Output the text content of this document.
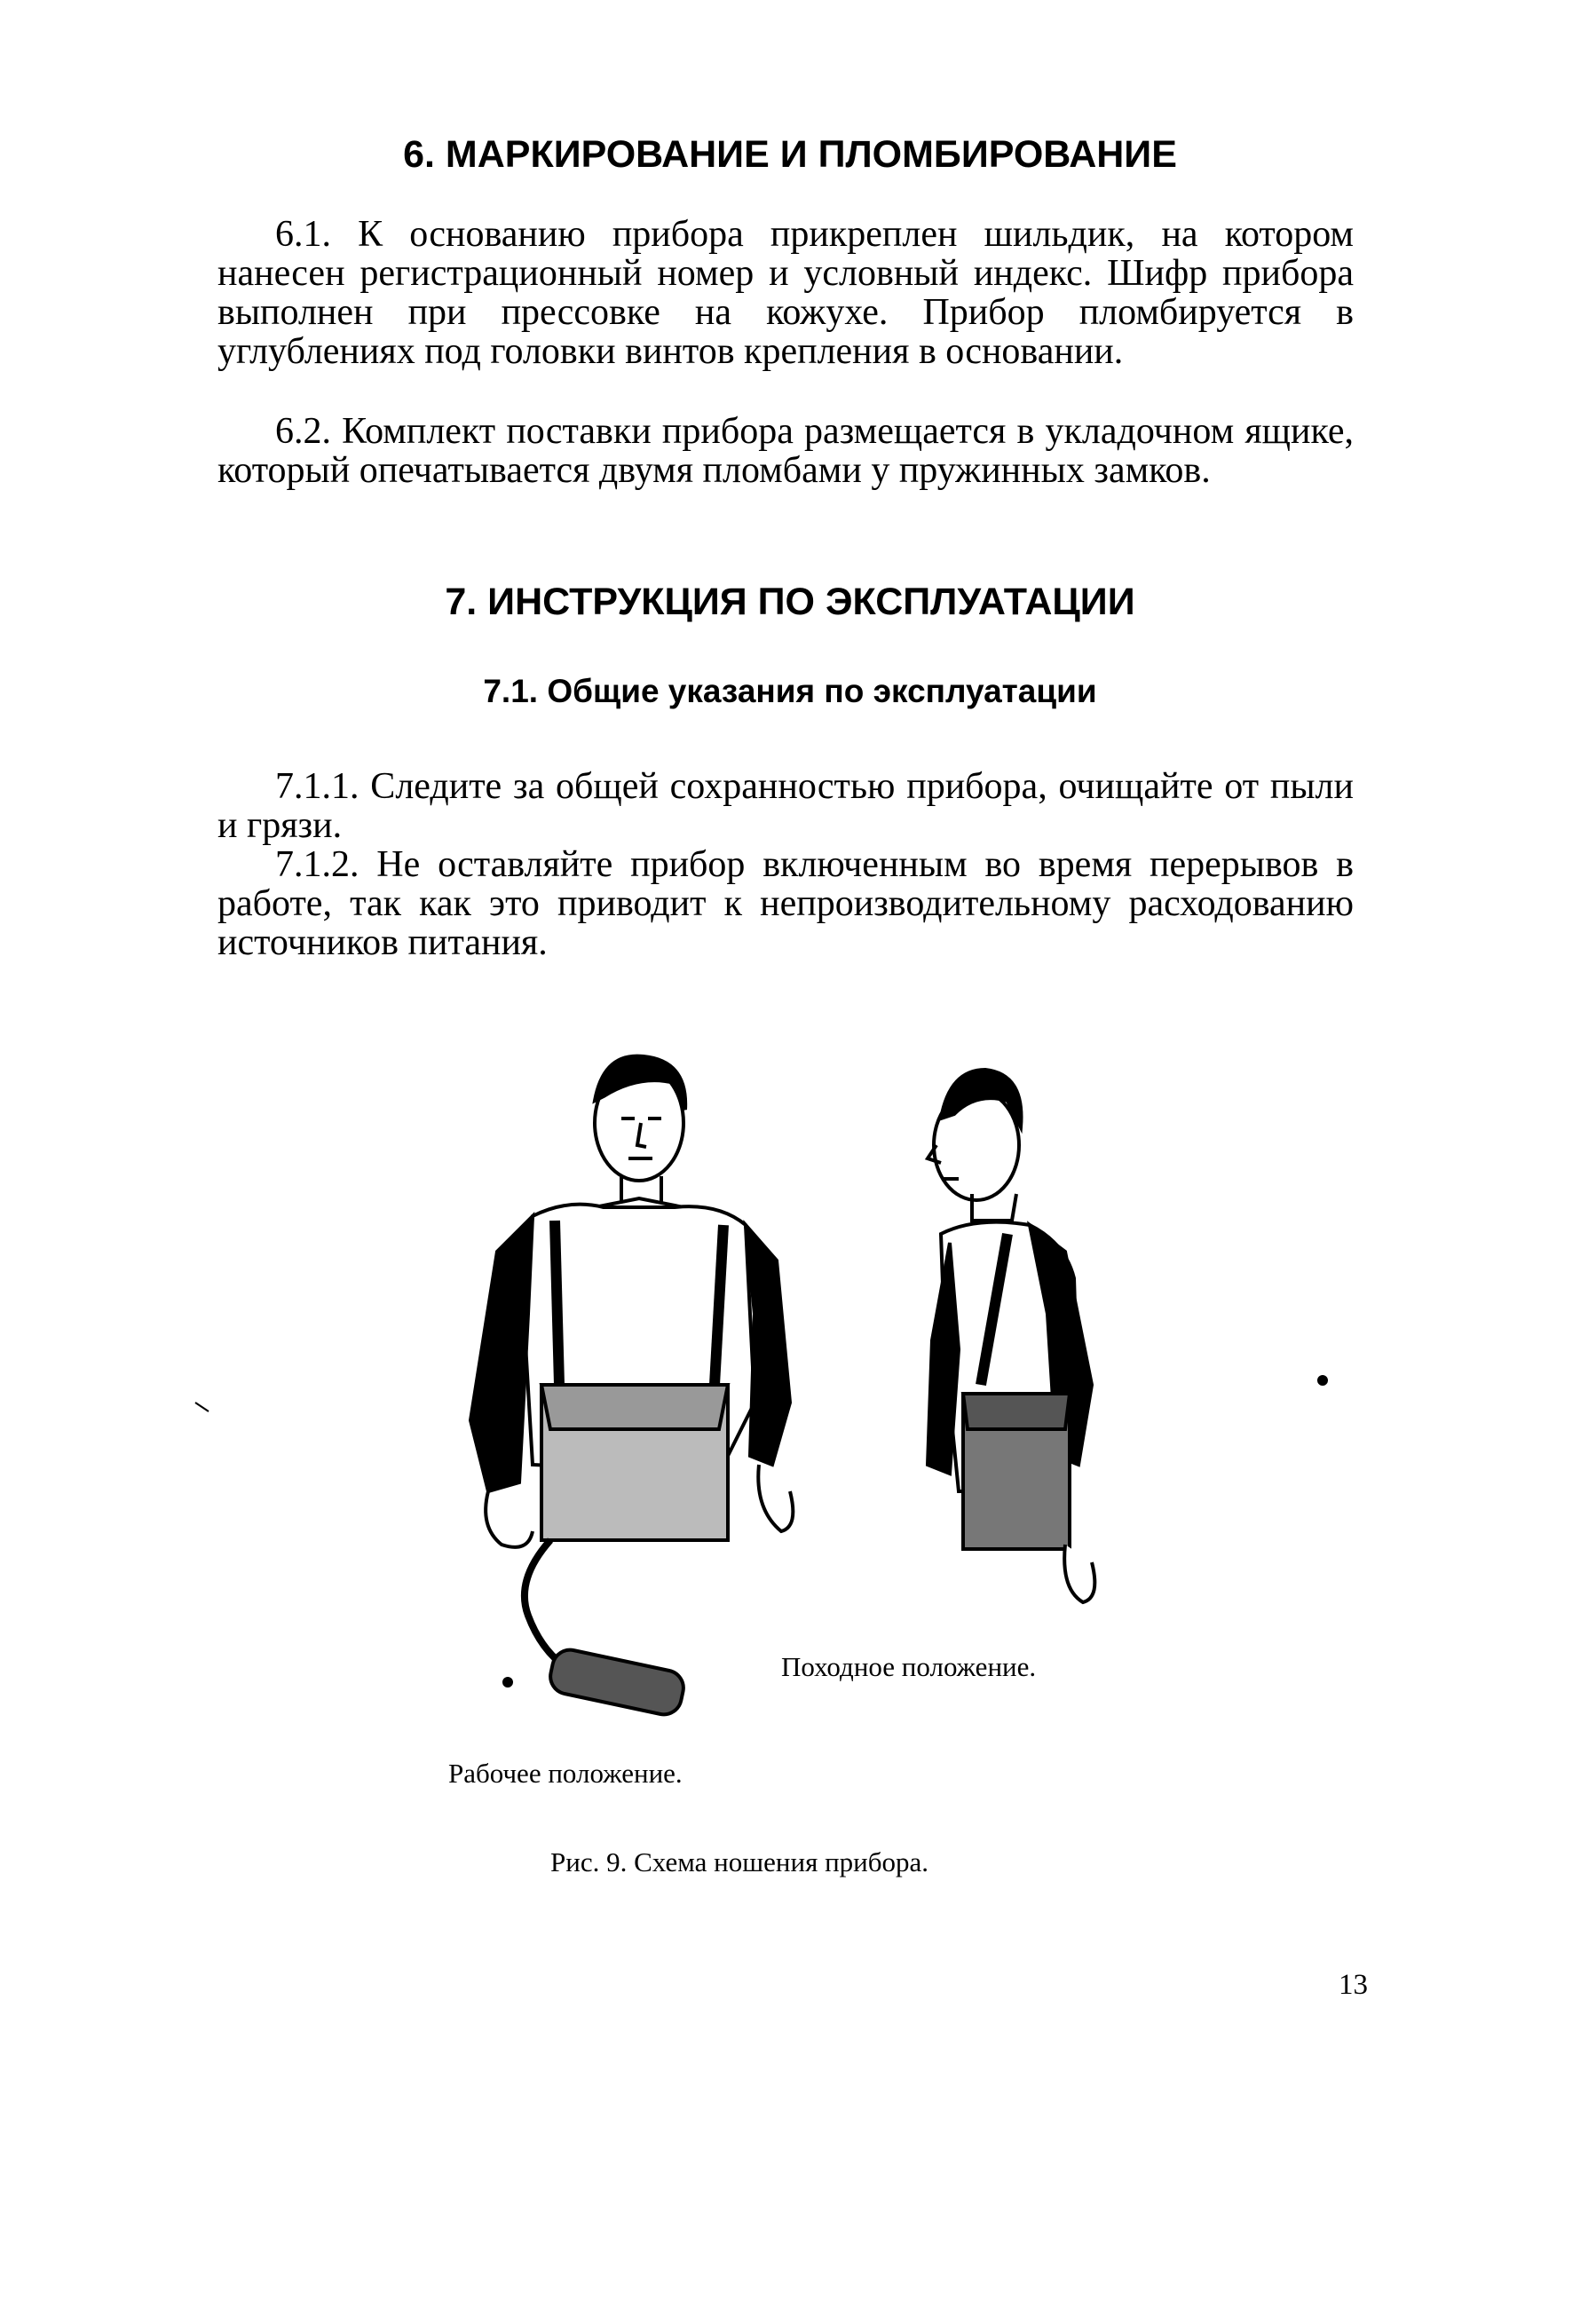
6. МАРКИРОВАНИЕ И ПЛОМБИРОВАНИЕ

6.1. К основанию прибора прикреплен шильдик, на котором нанесен регистрационный номер и условный индекс. Шифр прибора выполнен при прессовке на кожухе. Прибор пломбируется в углублениях под головки винтов крепления в основании.

6.2. Комплект поставки прибора размещается в укладочном ящике, который опечатывается двумя пломбами у пружинных замков.

7. ИНСТРУКЦИЯ ПО ЭКСПЛУАТАЦИИ
7.1. Общие указания по эксплуатации

7.1.1. Следите за общей сохранностью прибора, очищайте от пыли и грязи.

7.1.2. Не оставляйте прибор включенным во время перерывов в работе, так как это приводит к непроизводительному расходованию источников питания.

Походное положение.
Рабочее положение.
Рис. 9. Схема ношения прибора.
13
